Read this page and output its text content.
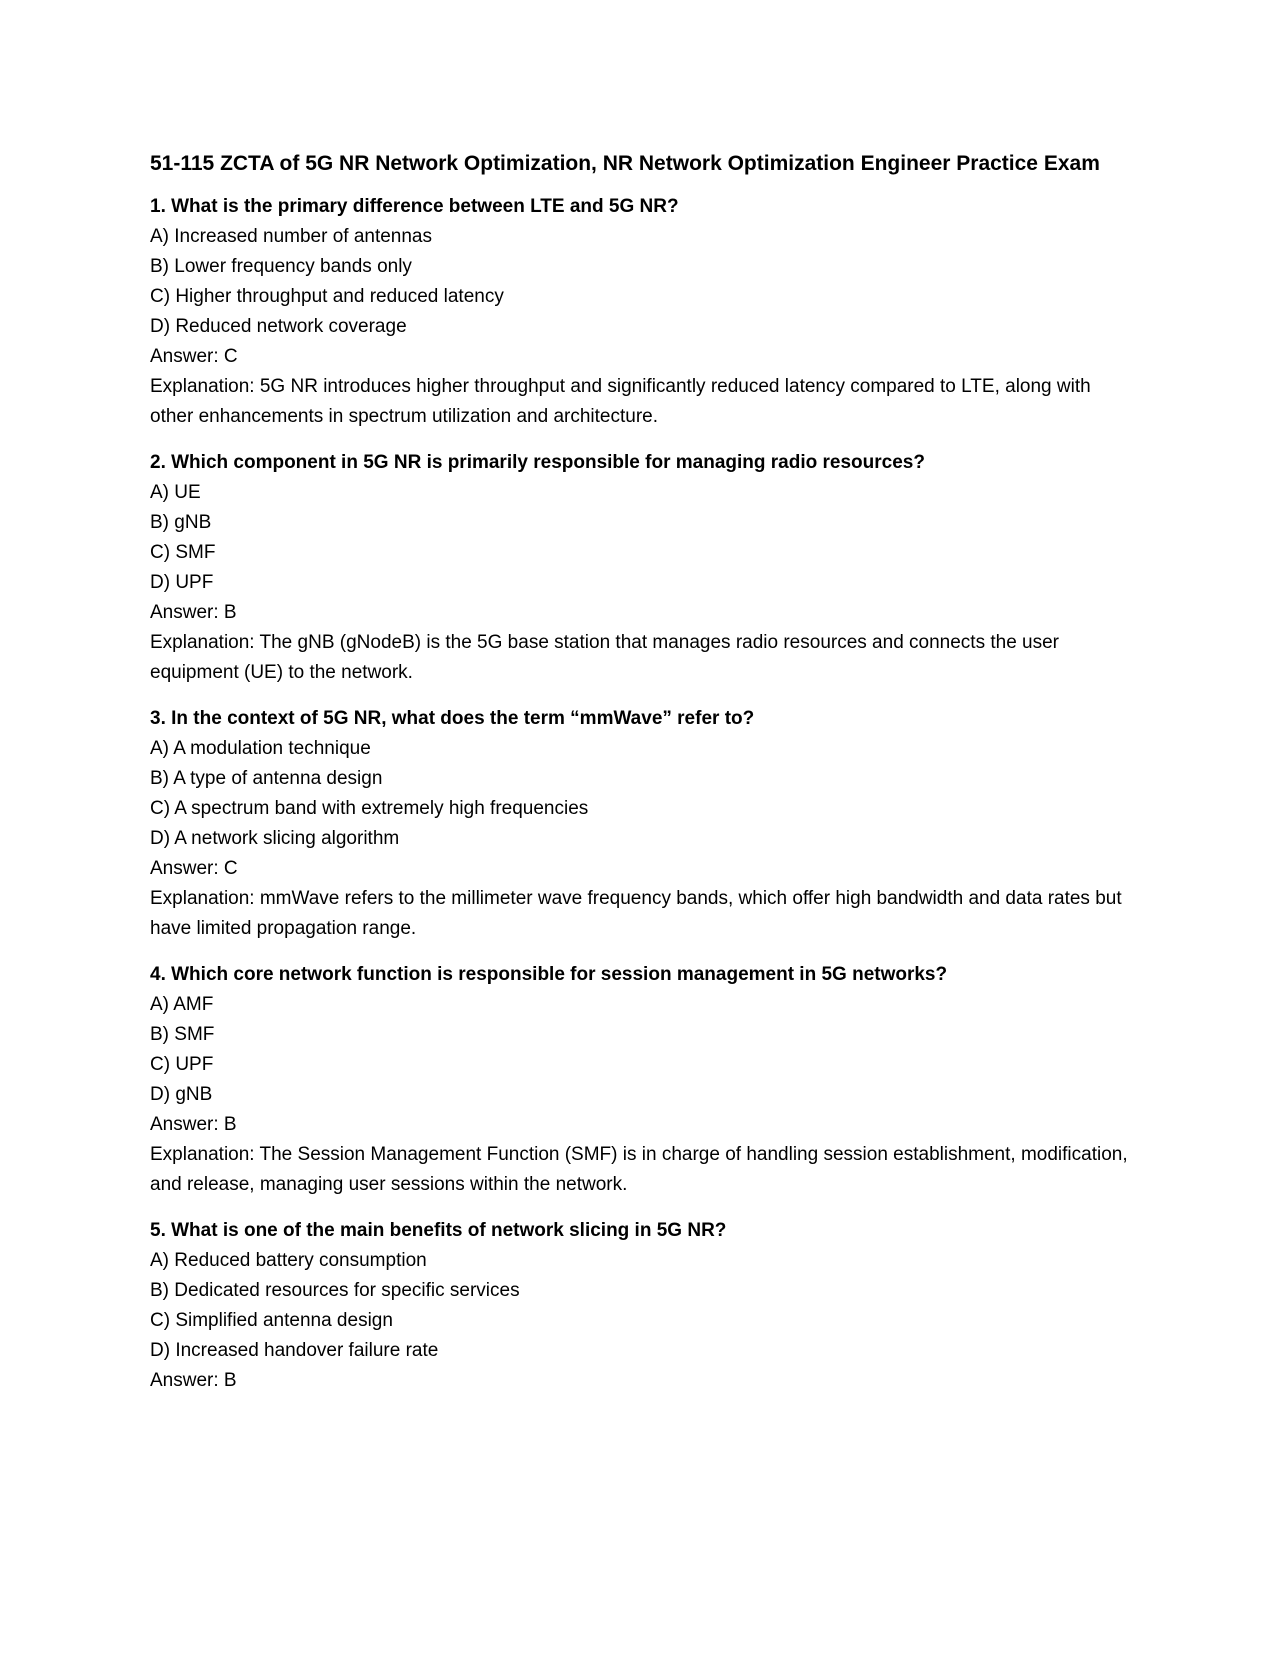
51-115 ZCTA of 5G NR Network Optimization, NR Network Optimization Engineer Practice Exam
1. What is the primary difference between LTE and 5G NR?
A) Increased number of antennas
B) Lower frequency bands only
C) Higher throughput and reduced latency
D) Reduced network coverage
Answer: C
Explanation: 5G NR introduces higher throughput and significantly reduced latency compared to LTE, along with other enhancements in spectrum utilization and architecture.
2. Which component in 5G NR is primarily responsible for managing radio resources?
A) UE
B) gNB
C) SMF
D) UPF
Answer: B
Explanation: The gNB (gNodeB) is the 5G base station that manages radio resources and connects the user equipment (UE) to the network.
3. In the context of 5G NR, what does the term “mmWave” refer to?
A) A modulation technique
B) A type of antenna design
C) A spectrum band with extremely high frequencies
D) A network slicing algorithm
Answer: C
Explanation: mmWave refers to the millimeter wave frequency bands, which offer high bandwidth and data rates but have limited propagation range.
4. Which core network function is responsible for session management in 5G networks?
A) AMF
B) SMF
C) UPF
D) gNB
Answer: B
Explanation: The Session Management Function (SMF) is in charge of handling session establishment, modification, and release, managing user sessions within the network.
5. What is one of the main benefits of network slicing in 5G NR?
A) Reduced battery consumption
B) Dedicated resources for specific services
C) Simplified antenna design
D) Increased handover failure rate
Answer: B
